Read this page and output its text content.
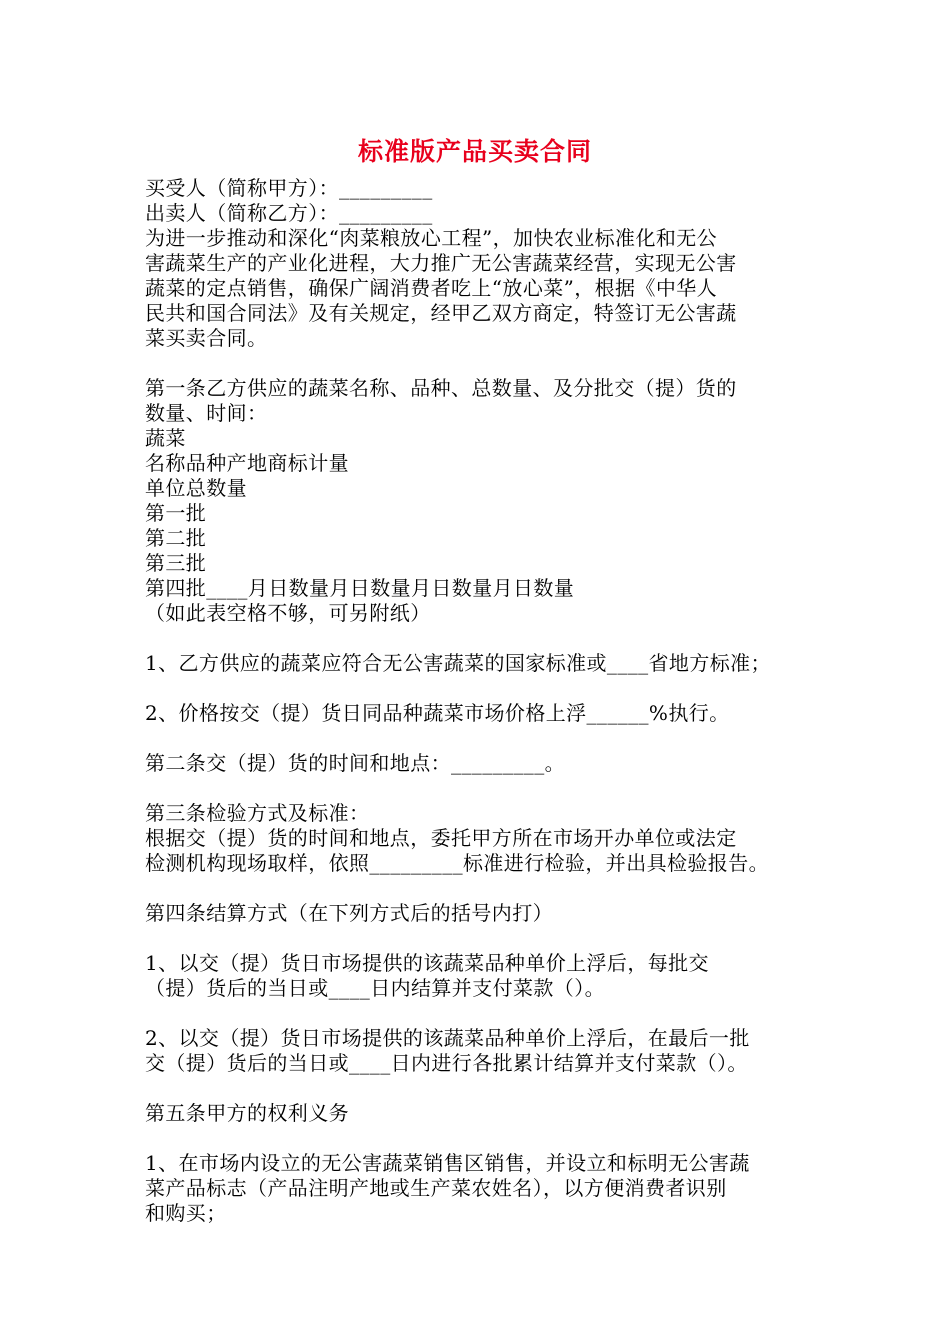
标准版产品买卖合同
买受人（简称甲方）：_________
出卖人（简称乙方）：_________
为进一步推动和深化“肉菜粮放心工程”，加快农业标准化和无公
害蔬菜生产的产业化进程，大力推广无公害蔬菜经营，实现无公害
蔬菜的定点销售，确保广阔消费者吃上“放心菜”，根据《中华人
民共和国合同法》及有关规定，经甲乙双方商定，特签订无公害蔬
菜买卖合同。
第一条乙方供应的蔬菜名称、品种、总数量、及分批交（提）货的
数量、时间：
蔬菜
名称品种产地商标计量
单位总数量
第一批
第二批
第三批
第四批____月日数量月日数量月日数量月日数量
（如此表空格不够，可另附纸）
1、乙方供应的蔬菜应符合无公害蔬菜的国家标准或____省地方标准；
2、价格按交（提）货日同品种蔬菜市场价格上浮______%执行。
第二条交（提）货的时间和地点：_________。
第三条检验方式及标准：
根据交（提）货的时间和地点，委托甲方所在市场开办单位或法定
检测机构现场取样，依照_________标准进行检验，并出具检验报告。
第四条结算方式（在下列方式后的括号内打）
1、以交（提）货日市场提供的该蔬菜品种单价上浮后，每批交
（提）货后的当日或____日内结算并支付菜款（）。
2、以交（提）货日市场提供的该蔬菜品种单价上浮后，在最后一批
交（提）货后的当日或____日内进行各批累计结算并支付菜款（）。
第五条甲方的权利义务
1、在市场内设立的无公害蔬菜销售区销售，并设立和标明无公害蔬
菜产品标志（产品注明产地或生产菜农姓名），以方便消费者识别
和购买；
